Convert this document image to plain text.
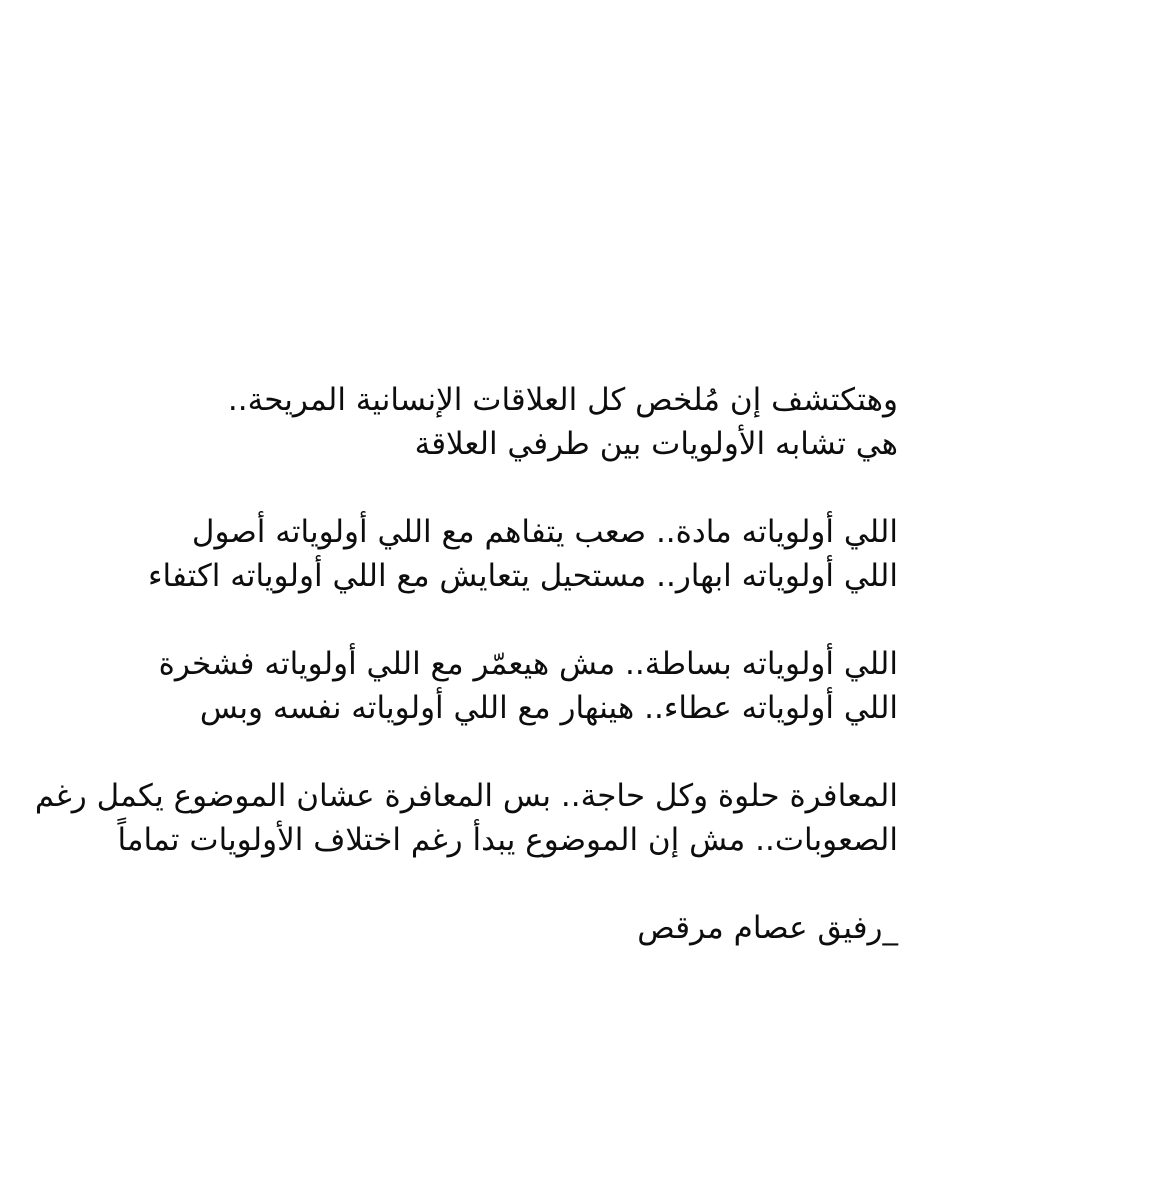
وهتكتشف إن مُلخص كل العلاقات الإنسانية المريحة..
هي تشابه الأولويات بين طرفي العلاقة
اللي أولوياته مادة.. صعب يتفاهم مع اللي أولوياته أصول
اللي أولوياته ابهار.. مستحيل يتعايش مع اللي أولوياته اكتفاء
اللي أولوياته بساطة.. مش هيعمّر مع اللي أولوياته فشخرة
اللي أولوياته عطاء.. هينهار مع اللي أولوياته نفسه وبس
المعافرة حلوة وكل حاجة.. بس المعافرة عشان الموضوع يكمل رغم
الصعوبات.. مش إن الموضوع يبدأ رغم اختلاف الأولويات تماماً
_رفيق عصام مرقص
